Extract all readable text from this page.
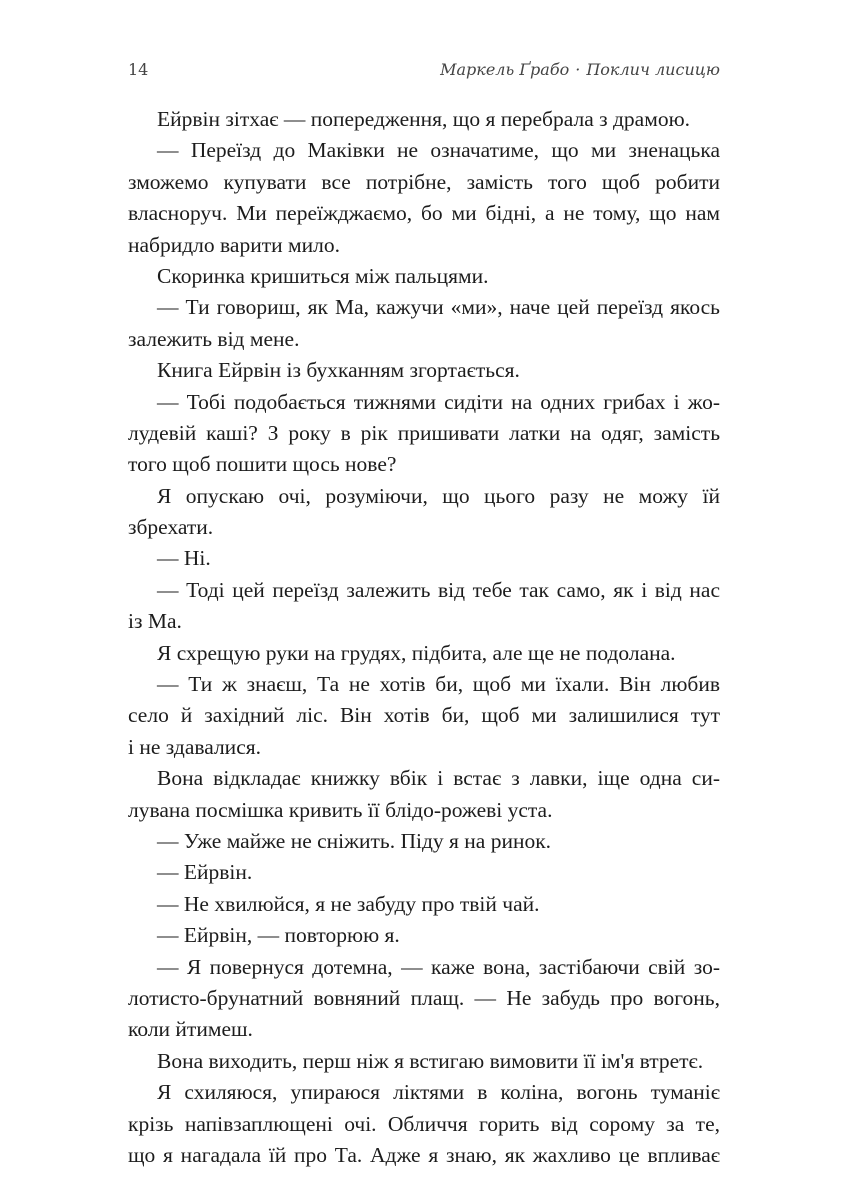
14	Маркель Ґрабо · Поклич лисицю
Ейрвін зітхає — попередження, що я перебрала з драмою.
— Переїзд до Маківки не означатиме, що ми зненацька
зможемо купувати все потрібне, замість того щоб робити
власноруч. Ми переїжджаємо, бо ми бідні, а не тому, що нам
набридло варити мило.
Скоринка кришиться між пальцями.
— Ти говориш, як Ма, кажучи «ми», наче цей переїзд якось
залежить від мене.
Книга Ейрвін із бухканням згортається.
— Тобі подобається тижнями сидіти на одних грибах і жо-
лудевій каші? З року в рік пришивати латки на одяг, замість
того щоб пошити щось нове?
Я опускаю очі, розуміючи, що цього разу не можу їй
збрехати.
— Ні.
— Тоді цей переїзд залежить від тебе так само, як і від нас
із Ма.
Я схрещую руки на грудях, підбита, але ще не подолана.
— Ти ж знаєш, Та не хотів би, щоб ми їхали. Він любив
село й західний ліс. Він хотів би, щоб ми залишилися тут
і не здавалися.
Вона відкладає книжку вбік і встає з лавки, іще одна си-
лувана посмішка кривить її блідо-рожеві уста.
— Уже майже не сніжить. Піду я на ринок.
— Ейрвін.
— Не хвилюйся, я не забуду про твій чай.
— Ейрвін, — повторюю я.
— Я повернуся дотемна, — каже вона, застібаючи свій зо-
лотисто-брунатний вовняний плащ. — Не забудь про вогонь,
коли йтимеш.
Вона виходить, перш ніж я встигаю вимовити її ім'я втретє.
Я схиляюся, упираюся ліктями в коліна, вогонь туманіє
крізь напівзаплющені очі. Обличчя горить від сорому за те,
що я нагадала їй про Та. Адже я знаю, як жахливо це впливає
